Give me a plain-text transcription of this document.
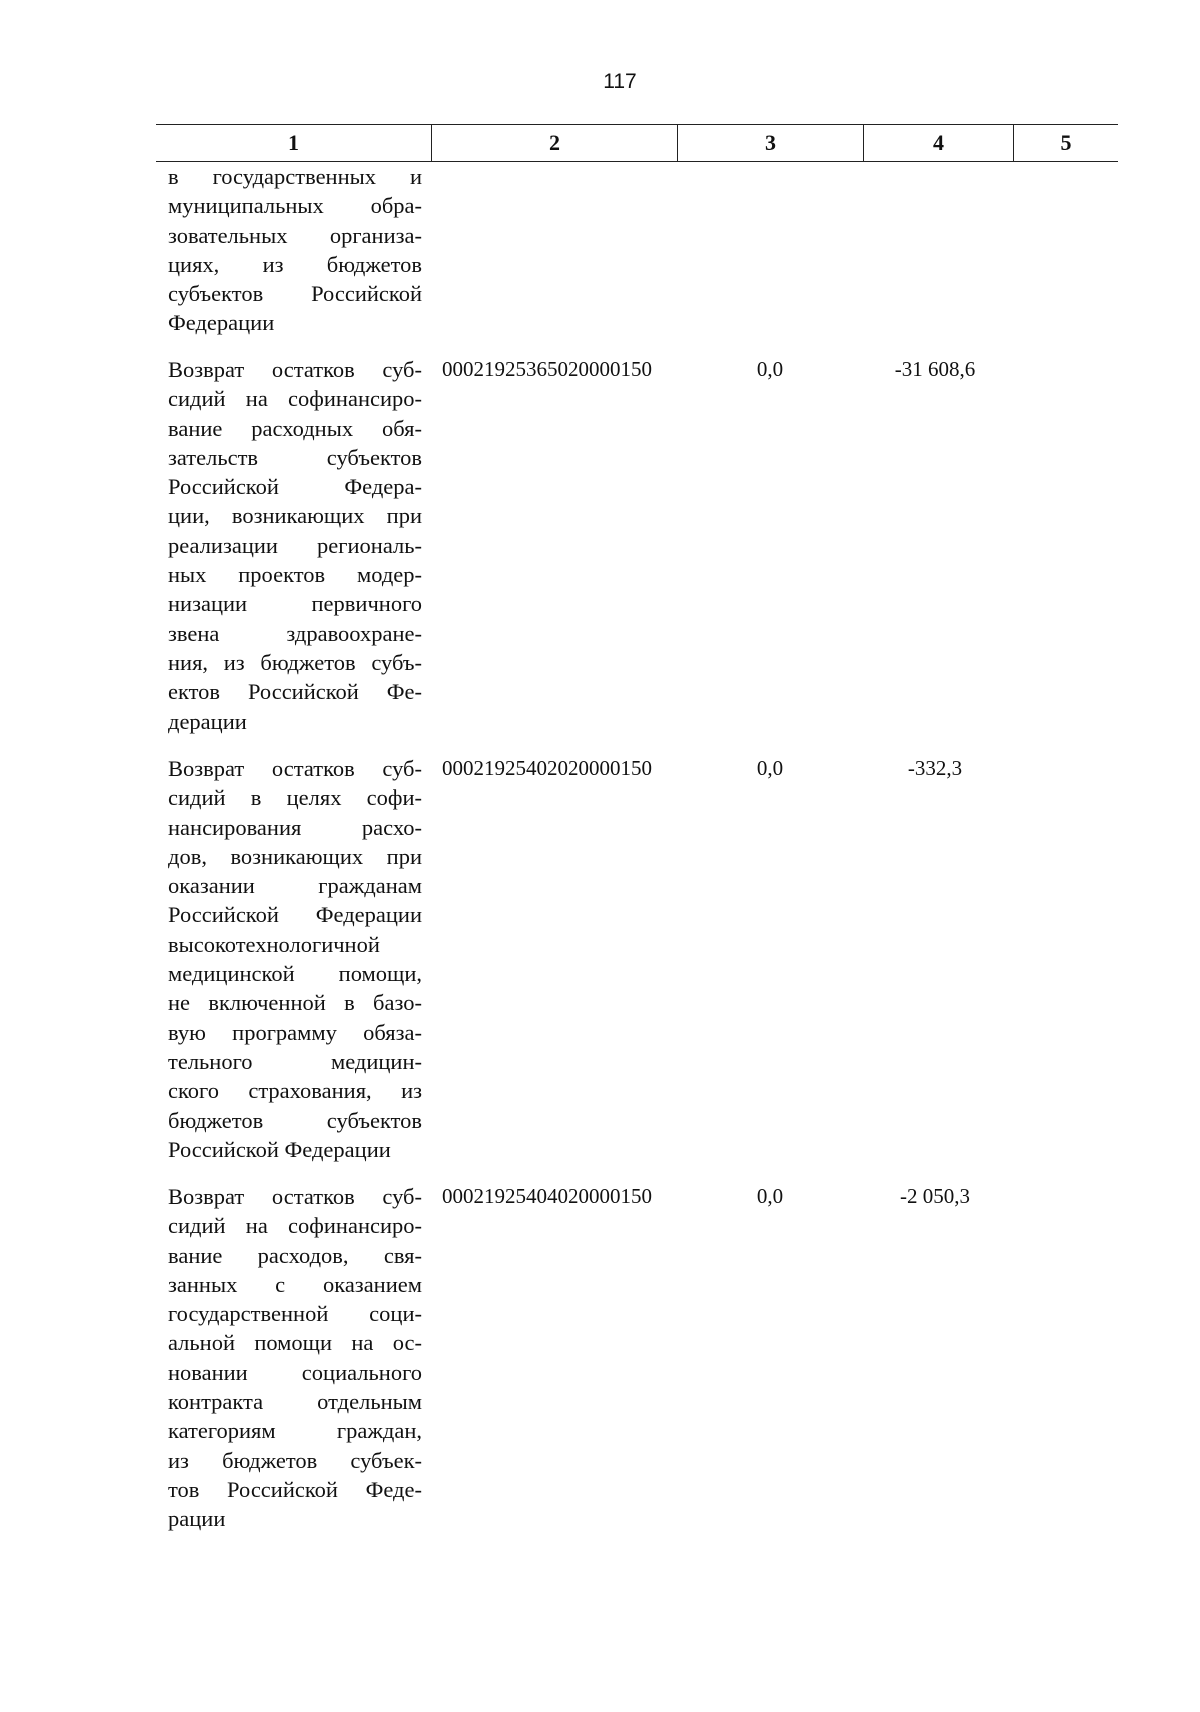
117
1	2	3	4	5
в государственных и
муниципальных обра-
зовательных организа-
циях, из бюджетов
субъектов Российской
Федерации
Возврат остатков суб-
сидий на софинансиро-
вание расходных обя-
зательств субъектов
Российской Федера-
ции, возникающих при
реализации региональ-
ных проектов модер-
низации первичного
звена здравоохране-
ния, из бюджетов субъ-
ектов Российской Фе-
дерации
00021925365020000150	0,0	-31 608,6
Возврат остатков суб-
сидий в целях софи-
нансирования расхо-
дов, возникающих при
оказании гражданам
Российской Федерации
высокотехнологичной
медицинской помощи,
не включенной в базо-
вую программу обяза-
тельного медицин-
ского страхования, из
бюджетов субъектов
Российской Федерации
00021925402020000150	0,0	-332,3
Возврат остатков суб-
сидий на софинансиро-
вание расходов, свя-
занных с оказанием
государственной соци-
альной помощи на ос-
новании социального
контракта отдельным
категориям граждан,
из бюджетов субъек-
тов Российской Феде-
рации
00021925404020000150	0,0	-2 050,3
